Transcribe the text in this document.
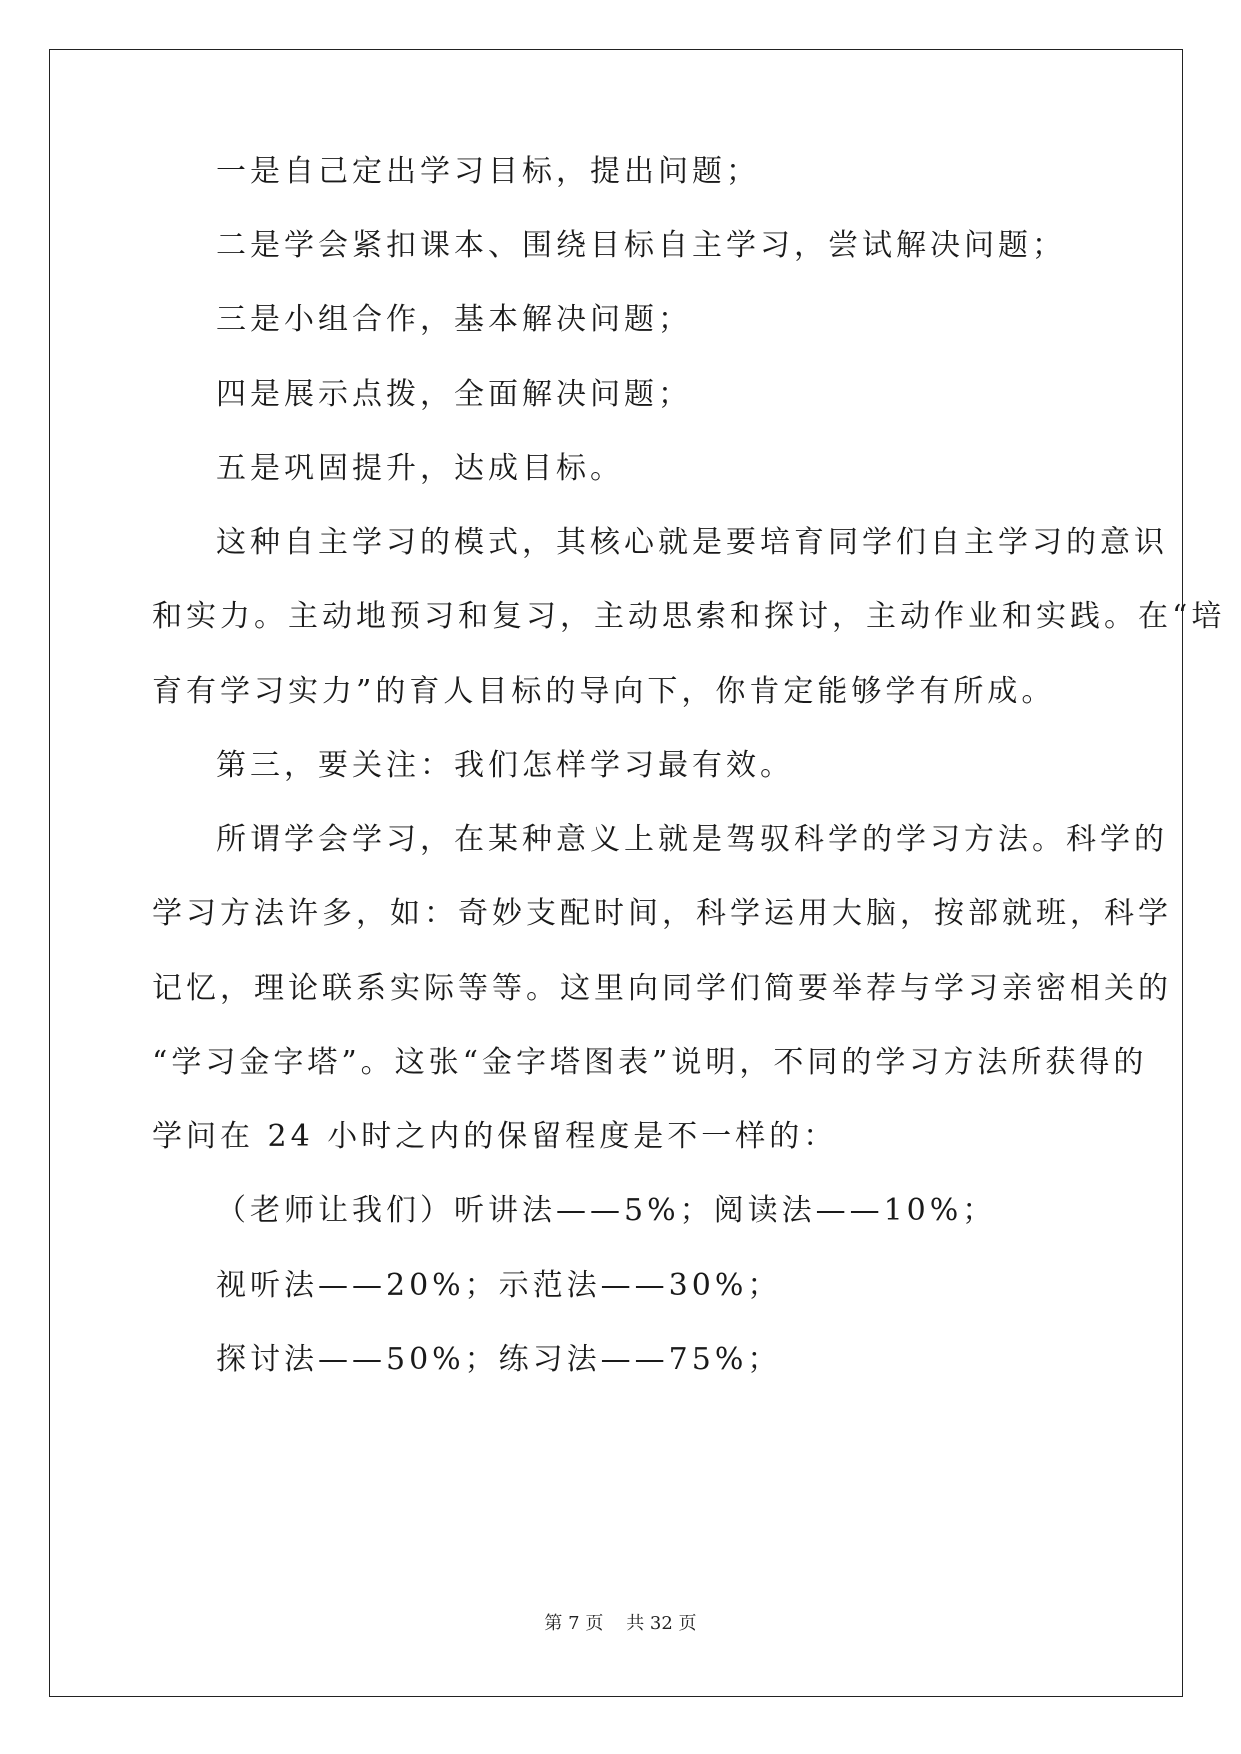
一是自己定出学习目标，提出问题；
二是学会紧扣课本、围绕目标自主学习，尝试解决问题；
三是小组合作，基本解决问题；
四是展示点拨，全面解决问题；
五是巩固提升，达成目标。
这种自主学习的模式，其核心就是要培育同学们自主学习的意识
和实力。主动地预习和复习，主动思索和探讨，主动作业和实践。在“培
育有学习实力”的育人目标的导向下，你肯定能够学有所成。
第三，要关注：我们怎样学习最有效。
所谓学会学习，在某种意义上就是驾驭科学的学习方法。科学的
学习方法许多，如：奇妙支配时间，科学运用大脑，按部就班，科学
记忆，理论联系实际等等。这里向同学们简要举荐与学习亲密相关的
“学习金字塔”。这张“金字塔图表”说明，不同的学习方法所获得的
学问在 24 小时之内的保留程度是不一样的：
（老师让我们）听讲法——5%；阅读法——10%；
视听法——20%；示范法——30%；
探讨法——50%；练习法——75%；
第 7 页    共 32 页
